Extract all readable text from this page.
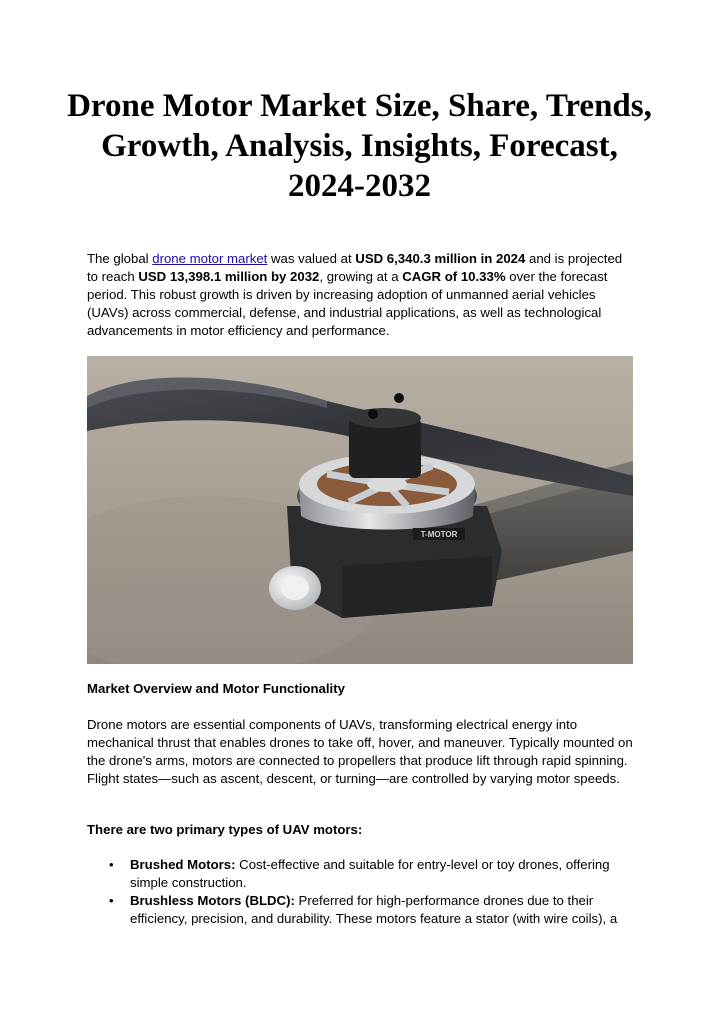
Drone Motor Market Size, Share, Trends, Growth, Analysis, Insights, Forecast, 2024-2032

The global drone motor market was valued at USD 6,340.3 million in 2024 and is projected to reach USD 13,398.1 million by 2032, growing at a CAGR of 10.33% over the forecast period. This robust growth is driven by increasing adoption of unmanned aerial vehicles (UAVs) across commercial, defense, and industrial applications, as well as technological advancements in motor efficiency and performance.

T-MOTOR

Market Overview and Motor Functionality

Drone motors are essential components of UAVs, transforming electrical energy into mechanical thrust that enables drones to take off, hover, and maneuver. Typically mounted on the drone's arms, motors are connected to propellers that produce lift through rapid spinning. Flight states—such as ascent, descent, or turning—are controlled by varying motor speeds.

There are two primary types of UAV motors:

• Brushed Motors: Cost-effective and suitable for entry-level or toy drones, offering simple construction.
• Brushless Motors (BLDC): Preferred for high-performance drones due to their efficiency, precision, and durability. These motors feature a stator (with wire coils), a
